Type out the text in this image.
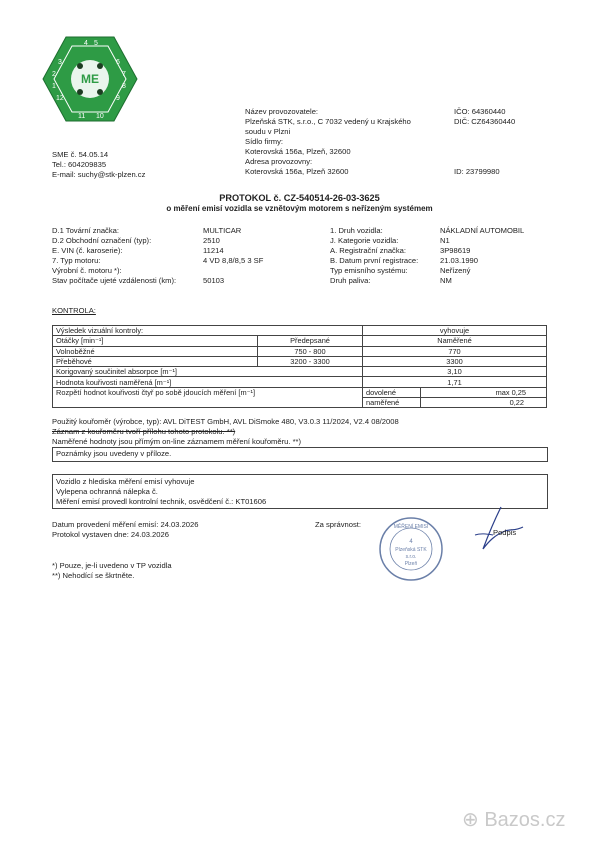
ME
4 5
6
7
8
9
10
11
12
1
2
3
SME č. 54.05.14
Tel.: 604209835
E-mail: suchy@stk-plzen.cz
Název provozovatele:
Plzeňská STK, s.r.o., C 7032 vedený u Krajského
soudu v Plzni
Sídlo firmy:
Koterovská 156a, Plzeň, 32600
Adresa provozovny:
Koterovská 156a, Plzeň 32600
IČO: 64360440
DIČ: CZ64360440
ID: 23799980
PROTOKOL č. CZ-540514-26-03-3625
o měření emisí vozidla se vznětovým motorem s neřízeným systémem
D.1 Tovární značka:	MULTICAR
D.2 Obchodní označení (typ):	2510
E. VIN (č. karoserie):	11214
7. Typ motoru:	4 VD 8,8/8,5 3 SF
Výrobní č. motoru *):
Stav počítače ujeté vzdálenosti (km):	50103
1. Druh vozidla:	NÁKLADNÍ AUTOMOBIL
J. Kategorie vozidla:	N1
A. Registrační značka:	3P98619
B. Datum první registrace:	21.03.1990
Typ emisního systému:	Neřízený
Druh paliva:	NM
KONTROLA:
Výsledek vizuální kontroly:		vyhovuje	
Otáčky [min⁻¹]	Předepsané	Naměřené	
Volnoběžné	750 - 800	770	
Přeběhové	3200 - 3300	3300	
Korigovaný součinitel absorpce [m⁻¹]		3,10	
Hodnota kouřivosti naměřená [m⁻¹]		1,71	
Rozpětí hodnot kouřivosti čtyř po sobě jdoucích měření [m⁻¹]		dovolené	max 0,25
		naměřené	0,22
Použitý kouřoměr (výrobce, typ): AVL DiTEST GmbH, AVL DiSmoke 480, V3.0.3 11/2024, V2.4 08/2008
Záznam z kouřoměru tvoří přílohu tohoto protokolu. **)
Naměřené hodnoty jsou přímým on-line záznamem měření kouřoměru. **)
Poznámky jsou uvedeny v příloze.
Vozidlo z hlediska měření emisí vyhovuje
Vylepena ochranná nálepka č.
Měření emisí provedl kontrolní technik, osvědčení č.: KT01606
Datum provedení měření emisí: 24.03.2026
Protokol vystaven dne: 24.03.2026
Za správnost:	MĚŘENÍ EMISÍ
4
Plzeňská STK
s.r.o.
Plzeň
Podpis
*) Pouze, je-li uvedeno v TP vozidla
**) Nehodící se škrtněte.
⊕ Bazos.cz
